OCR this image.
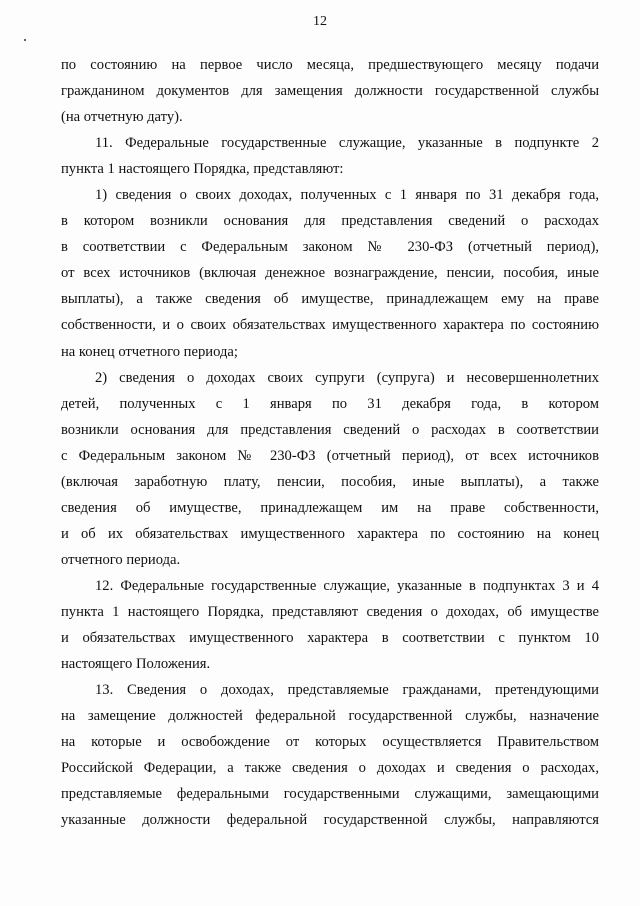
12

по состоянию на первое число месяца, предшествующего месяцу подачи

гражданином документов для замещения должности государственной службы

(на отчетную дату).

11. Федеральные государственные служащие, указанные в подпункте 2

пункта 1 настоящего Порядка, представляют:

1) сведения о своих доходах, полученных с 1 января по 31 декабря года,

в котором возникли основания для представления сведений о расходах

в соответствии с Федеральным законом № 230-ФЗ (отчетный период),

от всех источников (включая денежное вознаграждение, пенсии, пособия, иные

выплаты), а также сведения об имуществе, принадлежащем ему на праве

собственности, и о своих обязательствах имущественного характера по состоянию

на конец отчетного периода;

2) сведения о доходах своих супруги (супруга) и несовершеннолетних

детей, полученных с 1 января по 31 декабря года, в котором

возникли основания для представления сведений о расходах в соответствии

с Федеральным законом № 230-ФЗ (отчетный период), от всех источников

(включая заработную плату, пенсии, пособия, иные выплаты), а также

сведения об имуществе, принадлежащем им на праве собственности,

и об их обязательствах имущественного характера по состоянию на конец

отчетного периода.

12. Федеральные государственные служащие, указанные в подпунктах 3 и 4

пункта 1 настоящего Порядка, представляют сведения о доходах, об имуществе

и обязательствах имущественного характера в соответствии с пунктом 10

настоящего Положения.

13. Сведения о доходах, представляемые гражданами, претендующими

на замещение должностей федеральной государственной службы, назначение

на которые и освобождение от которых осуществляется Правительством

Российской Федерации, а также сведения о доходах и сведения о расходах,

представляемые федеральными государственными служащими, замещающими

указанные должности федеральной государственной службы, направляются
